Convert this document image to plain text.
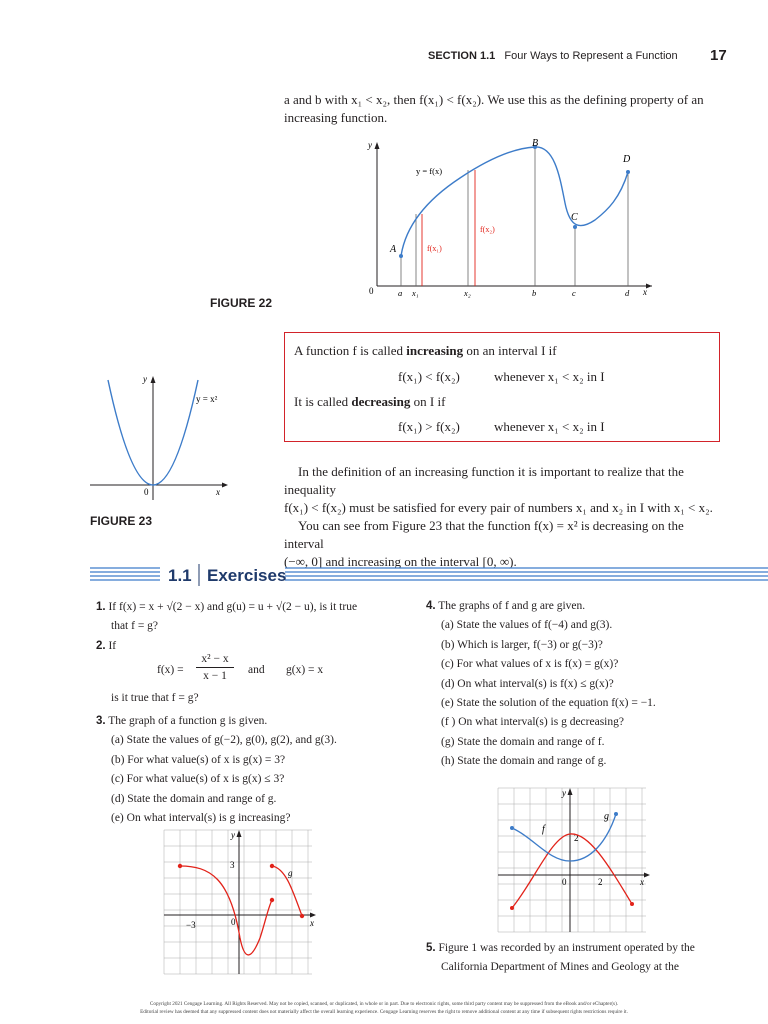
SECTION 1.1 Four Ways to Represent a Function 17
a and b with x₁ < x₂, then f(x₁) < f(x₂). We use this as the defining property of an
increasing function.
y
x
0
A
B
C
D
y = f(x)
f(x₁)
f(x₂)
a x₁	x₂	b	c	d
FIGURE 22
A function f is called increasing on an interval I if
f(x₁) < f(x₂)	whenever x₁ < x₂ in I
It is called decreasing on I if
f(x₁) > f(x₂)	whenever x₁ < x₂ in I
y
x
0
y = x²
FIGURE 23
In the definition of an increasing function it is important to realize that the inequality
f(x₁) < f(x₂) must be satisfied for every pair of numbers x₁ and x₂ in I with x₁ < x₂.
You can see from Figure 23 that the function f(x) = x² is decreasing on the interval
(−∞, 0] and increasing on the interval [0, ∞).
1.1 Exercises
1. If f(x) = x + √(2 − x) and g(u) = u + √(2 − u), is it true
that f = g?
2. If
$f(x) = \frac{\text{x² − x}}{x - 1}$ and g(x) = x
is it true that f = g?
3. The graph of a function g is given.
(a) State the values of g(−2), g(0), g(2), and g(3).
(b) For what value(s) of x is g(x) = 3?
(c) For what value(s) of x is g(x) ≤ 3?
(d) State the domain and range of g.
(e) On what interval(s) is g increasing?
y
x
0
3
−3
g
4. The graphs of f and g are given.
(a) State the values of f(−4) and g(3).
(b) Which is larger, f(−3) or g(−3)?
(c) For what values of x is f(x) = g(x)?
(d) On what interval(s) is f(x) ≤ g(x)?
(e) State the solution of the equation f(x) = −1.
(f ) On what interval(s) is g decreasing?
(g) State the domain and range of f.
(h) State the domain and range of g.
y
x
0
2
2
f
g
5. Figure 1 was recorded by an instrument operated by the
California Department of Mines and Geology at the
Copyright 2021 Cengage Learning. All Rights Reserved. May not be copied, scanned, or duplicated, in whole or in part. Due to electronic rights, some third party content may be suppressed from the eBook and/or eChapter(s).
Editorial review has deemed that any suppressed content does not materially affect the overall learning experience. Cengage Learning reserves the right to remove additional content at any time if subsequent rights restrictions require it.
